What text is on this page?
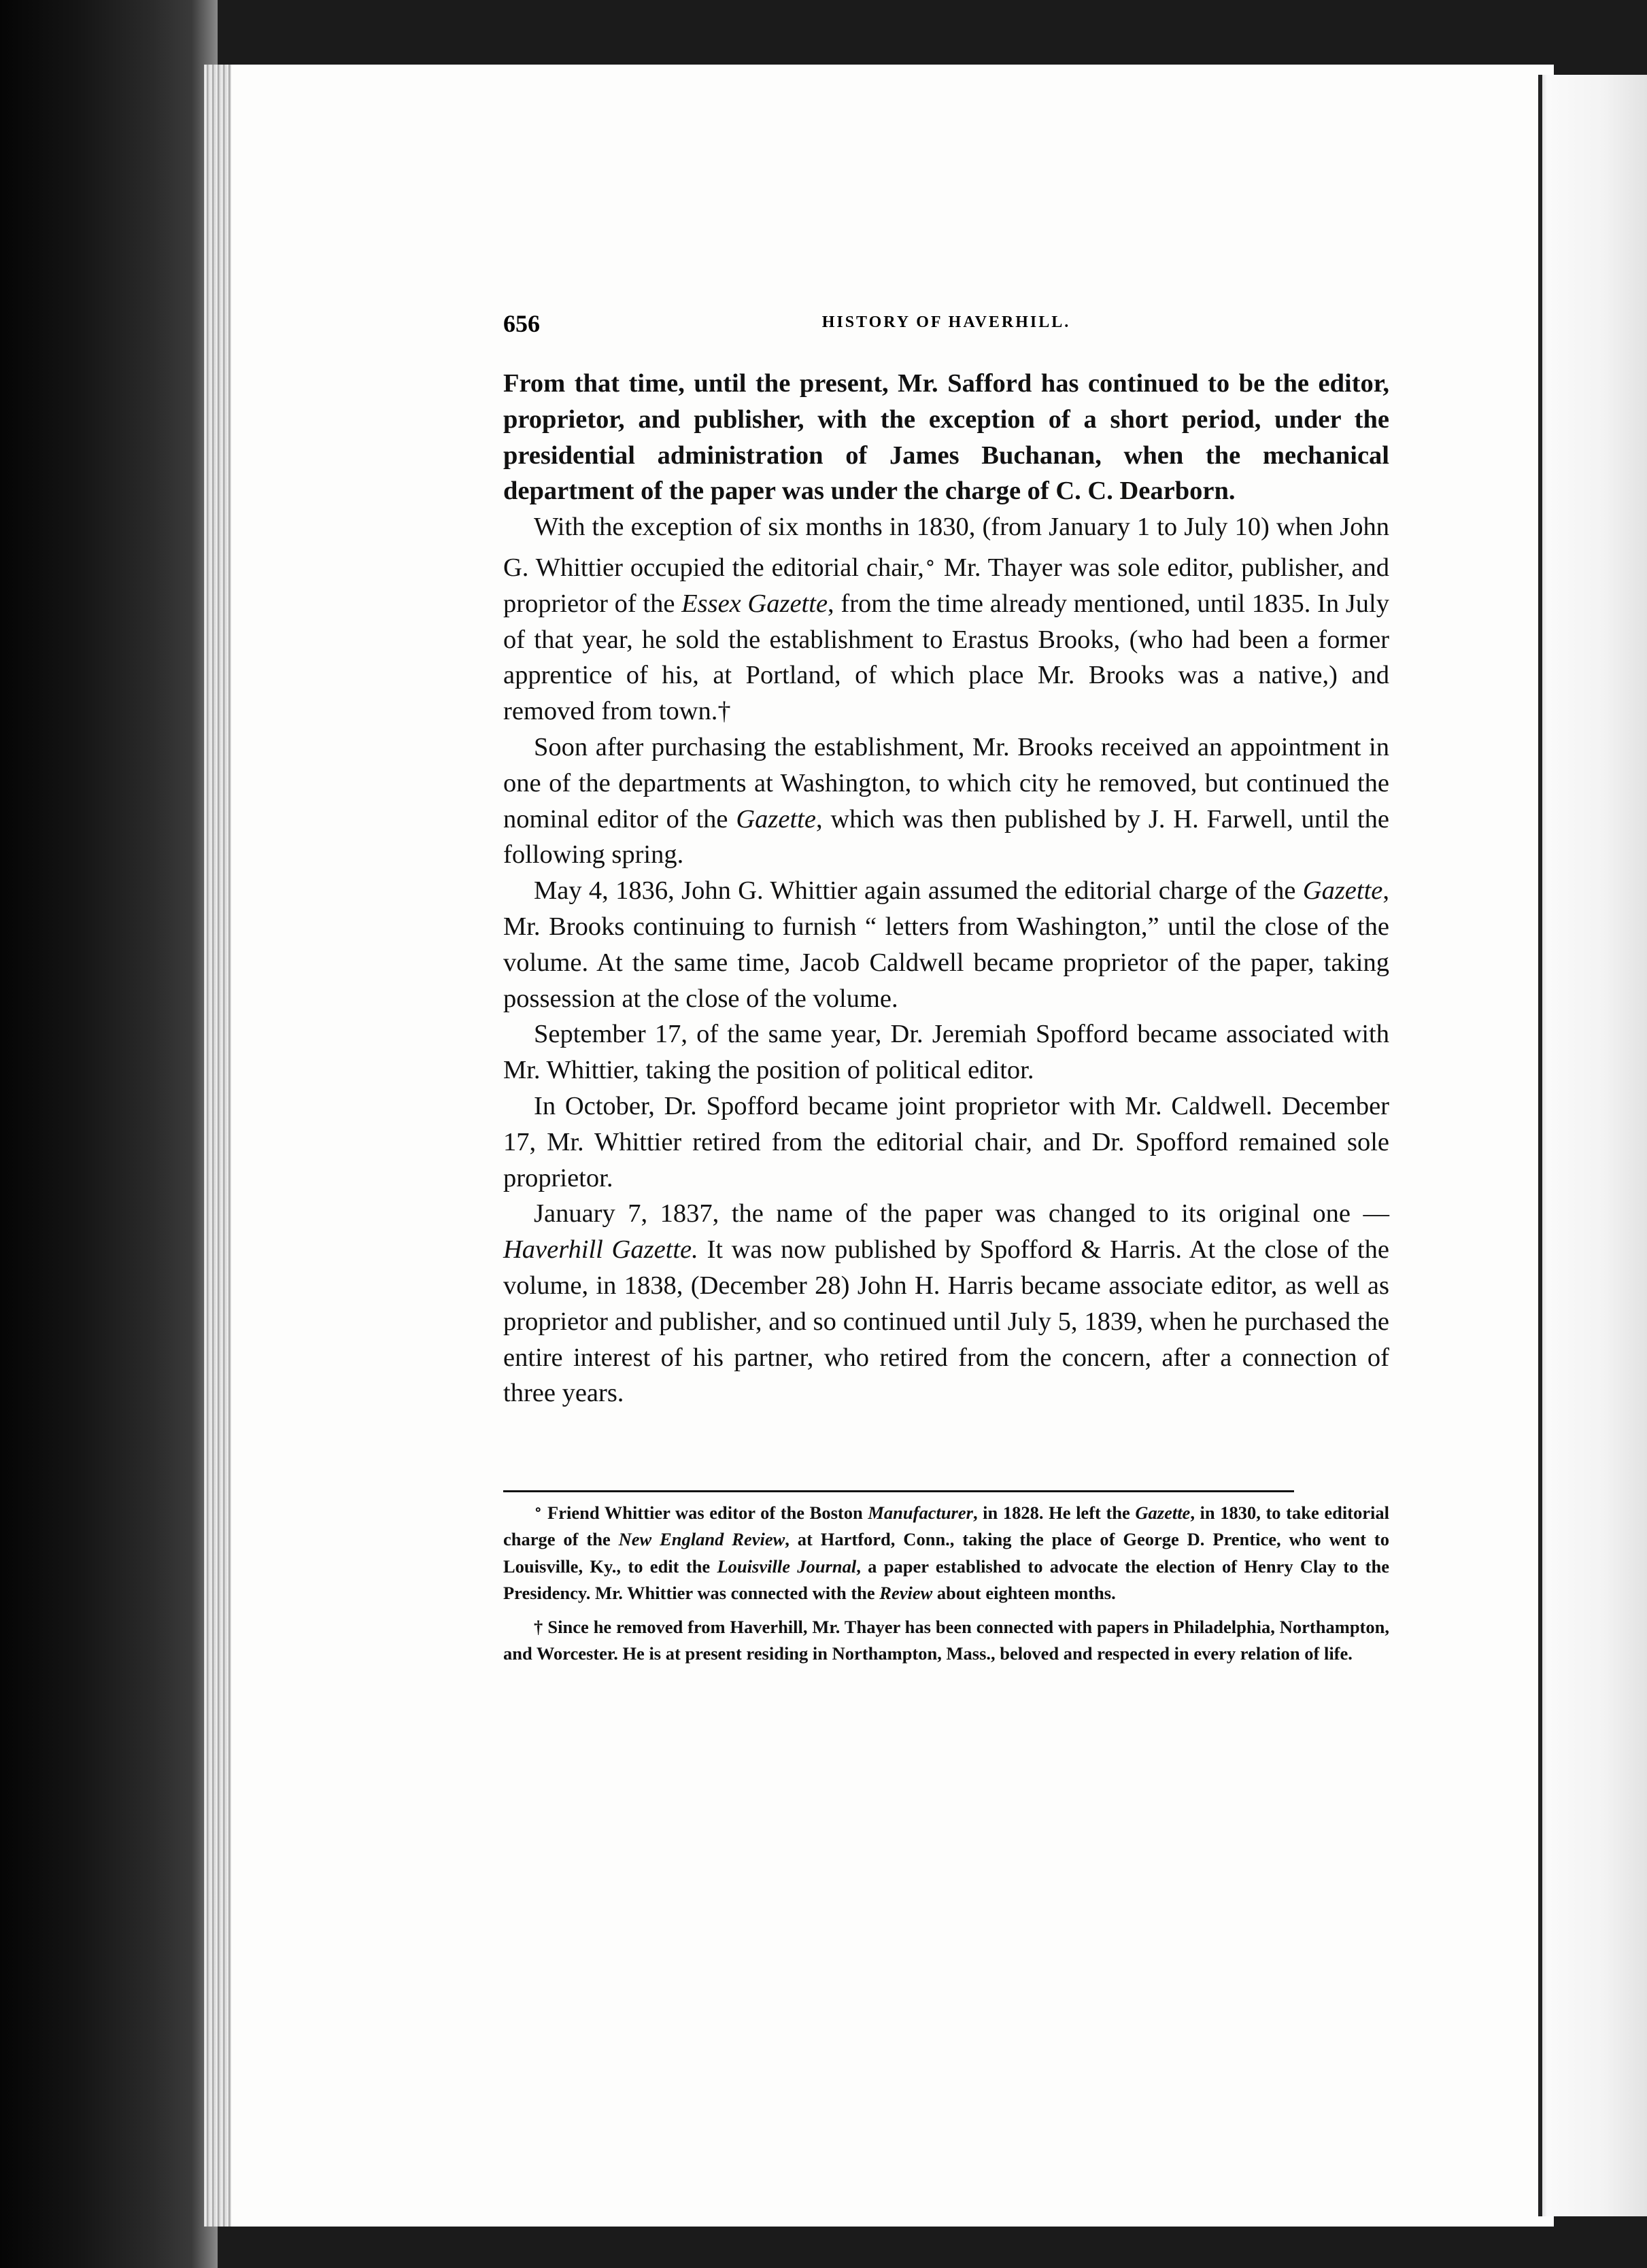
656	HISTORY OF HAVERHILL.

From that time, until the present, Mr. Safford has continued to be the editor, proprietor, and publisher, with the exception of a short period, under the presidential administration of James Buchanan, when the mechanical department of the paper was under the charge of C. C. Dearborn.

With the exception of six months in 1830, (from January 1 to July 10) when John G. Whittier occupied the editorial chair,∘ Mr. Thayer was sole editor, publisher, and proprietor of the Essex Gazette, from the time already mentioned, until 1835. In July of that year, he sold the establishment to Erastus Brooks, (who had been a former apprentice of his, at Portland, of which place Mr. Brooks was a native,) and removed from town.†

Soon after purchasing the establishment, Mr. Brooks received an appointment in one of the departments at Washington, to which city he removed, but continued the nominal editor of the Gazette, which was then published by J. H. Farwell, until the following spring.

May 4, 1836, John G. Whittier again assumed the editorial charge of the Gazette, Mr. Brooks continuing to furnish “ letters from Washington,” until the close of the volume. At the same time, Jacob Caldwell became proprietor of the paper, taking possession at the close of the volume.

September 17, of the same year, Dr. Jeremiah Spofford became associated with Mr. Whittier, taking the position of political editor.

In October, Dr. Spofford became joint proprietor with Mr. Caldwell. December 17, Mr. Whittier retired from the editorial chair, and Dr. Spofford remained sole proprietor.

January 7, 1837, the name of the paper was changed to its original one —Haverhill Gazette. It was now published by Spofford & Harris. At the close of the volume, in 1838, (December 28) John H. Harris became associate editor, as well as proprietor and publisher, and so continued until July 5, 1839, when he purchased the entire interest of his partner, who retired from the concern, after a connection of three years.

∘ Friend Whittier was editor of the Boston Manufacturer, in 1828. He left the Gazette, in 1830, to take editorial charge of the New England Review, at Hartford, Conn., taking the place of George D. Prentice, who went to Louisville, Ky., to edit the Louisville Journal, a paper established to advocate the election of Henry Clay to the Presidency. Mr. Whittier was connected with the Review about eighteen months.

† Since he removed from Haverhill, Mr. Thayer has been connected with papers in Philadelphia, Northampton, and Worcester. He is at present residing in Northampton, Mass., beloved and respected in every relation of life.
